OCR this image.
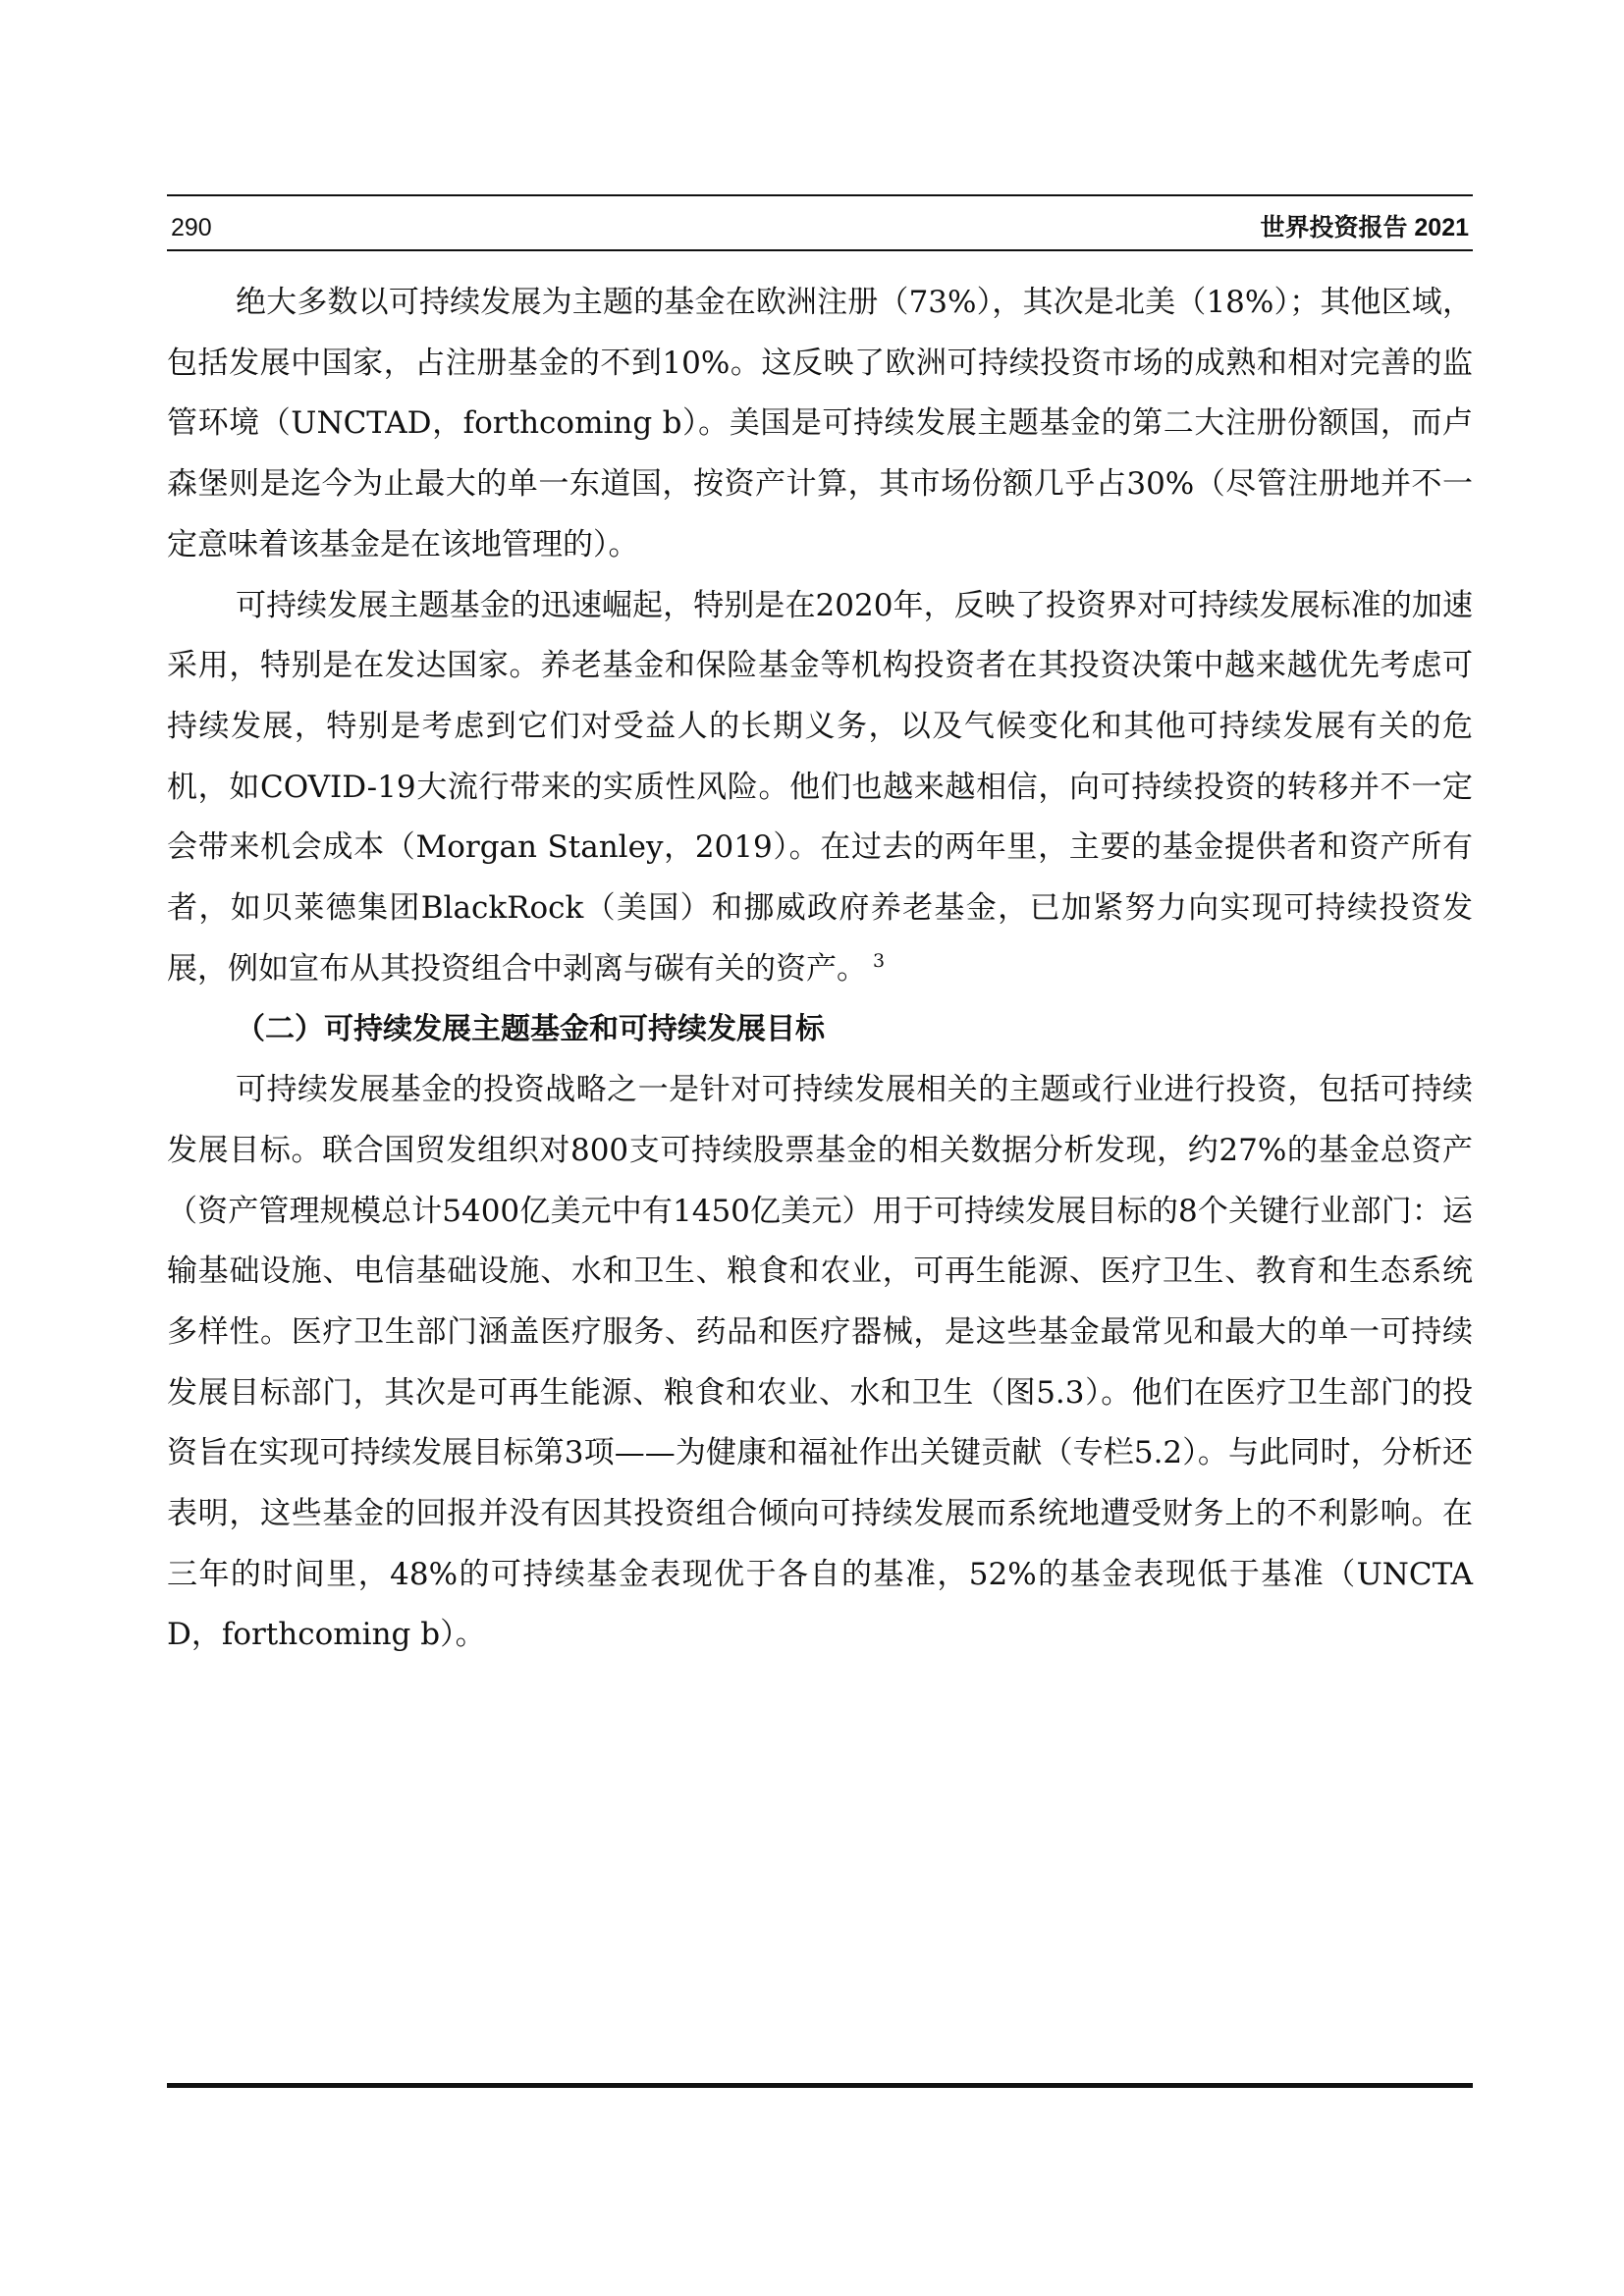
290	世界投资报告 2021

绝大多数以可持续发展为主题的基金在欧洲注册（73%），其次是北美（18%）；其他区域，包括发展中国家，占注册基金的不到10%。这反映了欧洲可持续投资市场的成熟和相对完善的监管环境（UNCTAD，forthcoming b）。美国是可持续发展主题基金的第二大注册份额国，而卢森堡则是迄今为止最大的单一东道国，按资产计算，其市场份额几乎占30%（尽管注册地并不一定意味着该基金是在该地管理的）。

可持续发展主题基金的迅速崛起，特别是在2020年，反映了投资界对可持续发展标准的加速采用，特别是在发达国家。养老基金和保险基金等机构投资者在其投资决策中越来越优先考虑可持续发展，特别是考虑到它们对受益人的长期义务，以及气候变化和其他可持续发展有关的危机，如COVID-19大流行带来的实质性风险。他们也越来越相信，向可持续投资的转移并不一定会带来机会成本（Morgan Stanley，2019）。在过去的两年里，主要的基金提供者和资产所有者，如贝莱德集团BlackRock（美国）和挪威政府养老基金，已加紧努力向实现可持续投资发展，例如宣布从其投资组合中剥离与碳有关的资产。 $^3$

（二）可持续发展主题基金和可持续发展目标

可持续发展基金的投资战略之一是针对可持续发展相关的主题或行业进行投资，包括可持续发展目标。联合国贸发组织对800支可持续股票基金的相关数据分析发现，约27%的基金总资产（资产管理规模总计5400亿美元中有1450亿美元）用于可持续发展目标的8个关键行业部门：运输基础设施、电信基础设施、水和卫生、粮食和农业，可再生能源、医疗卫生、教育和生态系统多样性。医疗卫生部门涵盖医疗服务、药品和医疗器械，是这些基金最常见和最大的单一可持续发展目标部门，其次是可再生能源、粮食和农业、水和卫生（图5.3）。他们在医疗卫生部门的投资旨在实现可持续发展目标第3项——为健康和福祉作出关键贡献（专栏5.2）。与此同时，分析还表明，这些基金的回报并没有因其投资组合倾向可持续发展而系统地遭受财务上的不利影响。在三年的时间里，48%的可持续基金表现优于各自的基准，52%的基金表现低于基准（UNCTAD，forthcoming b）。
